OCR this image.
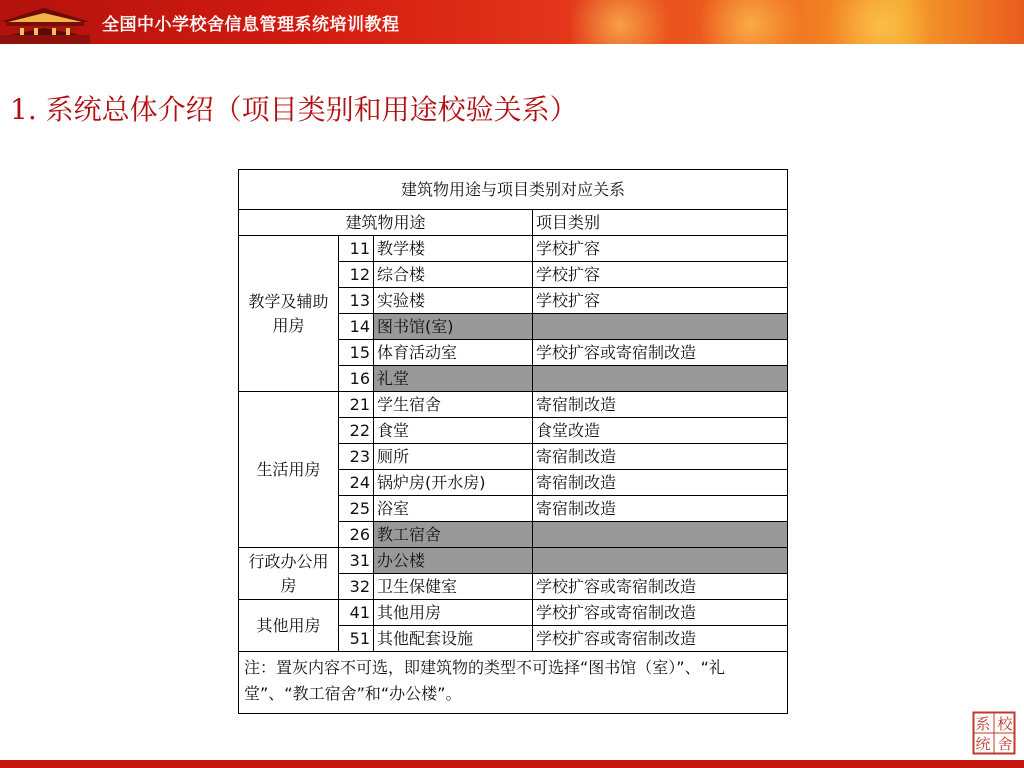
全国中小学校舍信息管理系统培训教程
1. 系统总体介绍（项目类别和用途校验关系）
建筑物用途与项目类别对应关系			
建筑物用途			项目类别
教学及辅助用房	11	教学楼	学校扩容
	12	综合楼	学校扩容
	13	实验楼	学校扩容
	14	图书馆(室)	
	15	体育活动室	学校扩容或寄宿制改造
	16	礼堂	
生活用房	21	学生宿舍	寄宿制改造
	22	食堂	食堂改造
	23	厕所	寄宿制改造
	24	锅炉房(开水房)	寄宿制改造
	25	浴室	寄宿制改造
	26	教工宿舍	
行政办公用房	31	办公楼	
	32	卫生保健室	学校扩容或寄宿制改造
其他用房	41	其他用房	学校扩容或寄宿制改造
	51	其他配套设施	学校扩容或寄宿制改造
注：置灰内容不可选，即建筑物的类型不可选择“图书馆（室）”、“礼堂”、“教工宿舍”和“办公楼”。			
系 校
统 舍
